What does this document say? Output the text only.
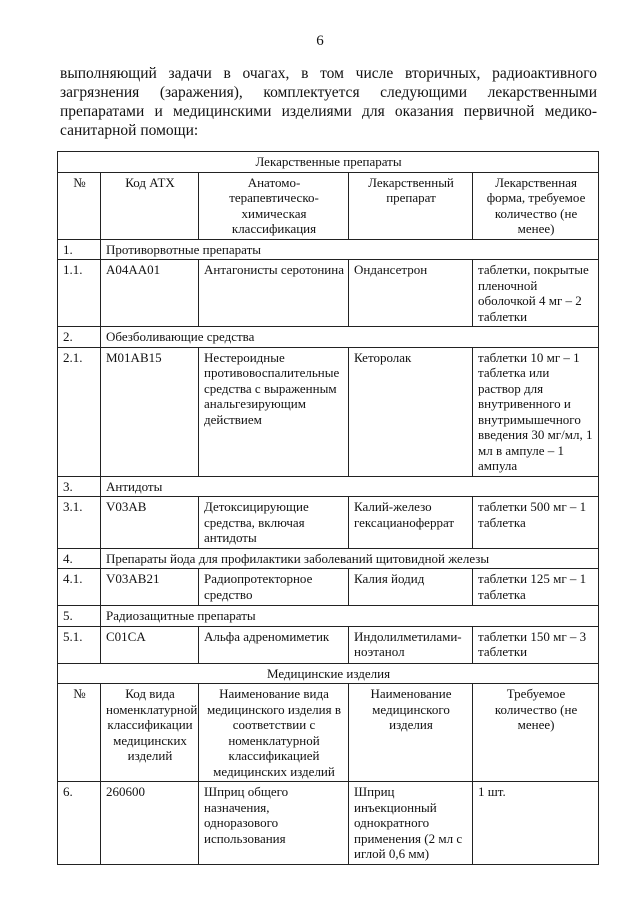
6

выполняющий задачи в очагах, в том числе вторичных, радиоактивного загрязнения (заражения), комплектуется следующими лекарственными препаратами и медицинскими изделиями для оказания первичной медико-санитарной помощи:

Лекарственные препараты				
№	Код АТХ	Анатомо-терапевтическо-химическая классификация	Лекарственный препарат	Лекарственная форма, требуемое количество (не менее)
1.	Противорвотные препараты			
1.1.	A04AA01	Антагонисты серотонина	Ондансетрон	таблетки, покрытые пленочной оболочкой 4 мг – 2 таблетки
2.	Обезболивающие средства			
2.1.	M01AB15	Нестероидные противовоспалительные средства с выраженным анальгезирующим действием	Кеторолак	таблетки 10 мг – 1 таблетка или раствор для внутривенного и внутримышечного введения 30 мг/мл, 1 мл в ампуле – 1 ампула
3.	Антидоты			
3.1.	V03AB	Детоксицирующие средства, включая антидоты	Калий-железо гексацианоферрат	таблетки 500 мг – 1 таблетка
4.	Препараты йода для профилактики заболеваний щитовидной железы			
4.1.	V03AB21	Радиопротекторное средство	Калия йодид	таблетки 125 мг – 1 таблетка
5.	Радиозащитные препараты			
5.1.	C01CA	Альфа адреномиметик	Индолилметилами-ноэтанол	таблетки 150 мг – 3 таблетки
Медицинские изделия				
№	Код вида номенклатурной классификации медицинских изделий	Наименование вида медицинского изделия в соответствии с номенклатурной классификацией медицинских изделий	Наименование медицинского изделия	Требуемое количество (не менее)
6.	260600	Шприц общего назначения, одноразового использования	Шприц инъекционный однократного применения (2 мл с иглой 0,6 мм)	1 шт.
